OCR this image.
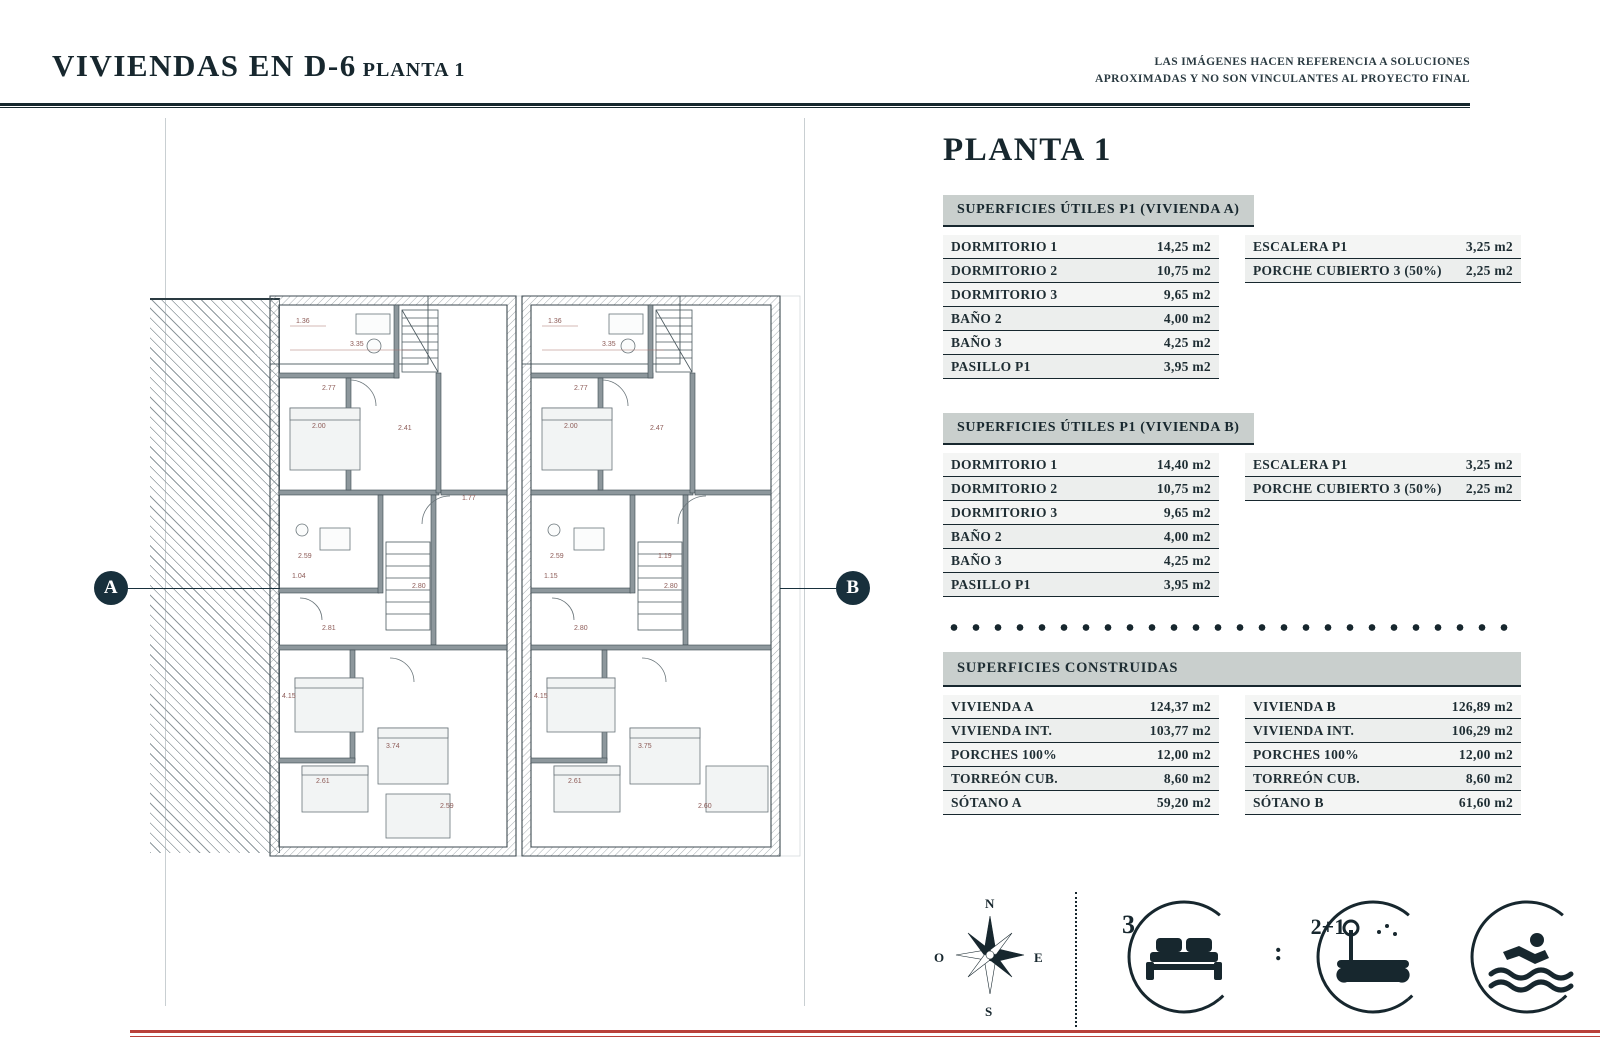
VIVIENDAS EN D-6 PLANTA 1	LAS IMÁGENES HACEN REFERENCIA A SOLUCIONES
APROXIMADAS Y NO SON VINCULANTES AL PROYECTO FINAL
1.36
3.35
2.77
2.41
2.00
1.77
2.59
2.80
2.81
4.15
3.74
2.61
2.59
1.04
1.36
3.35
2.77
2.47
2.00
2.59
2.80
2.80
4.15
3.75
2.61
2.60
1.15
1.19
A	B
PLANTA 1
SUPERFICIES ÚTILES P1 (VIVIENDA A)
DORMITORIO 1	14,25 m2
DORMITORIO 2	10,75 m2
DORMITORIO 3	9,65 m2
BAÑO 2	4,00 m2
BAÑO 3	4,25 m2
PASILLO P1	3,95 m2
ESCALERA P1	3,25 m2
PORCHE CUBIERTO 3 (50%) 2,25 m2
SUPERFICIES ÚTILES P1 (VIVIENDA B)
DORMITORIO 1	14,40 m2
DORMITORIO 2	10,75 m2
DORMITORIO 3	9,65 m2
BAÑO 2	4,00 m2
BAÑO 3	4,25 m2
PASILLO P1	3,95 m2
ESCALERA P1	3,25 m2
PORCHE CUBIERTO 3 (50%) 2,25 m2
SUPERFICIES CONSTRUIDAS
VIVIENDA A	124,37 m2
VIVIENDA INT.	103,77 m2
PORCHES 100%	12,00 m2
TORREÓN CUB.	8,60 m2
SÓTANO A	59,20 m2
VIVIENDA B	126,89 m2
VIVIENDA INT.	106,29 m2
PORCHES 100%	12,00 m2
TORREÓN CUB.	8,60 m2
SÓTANO B	61,60 m2
N
S
E
O
3
:
2+1
